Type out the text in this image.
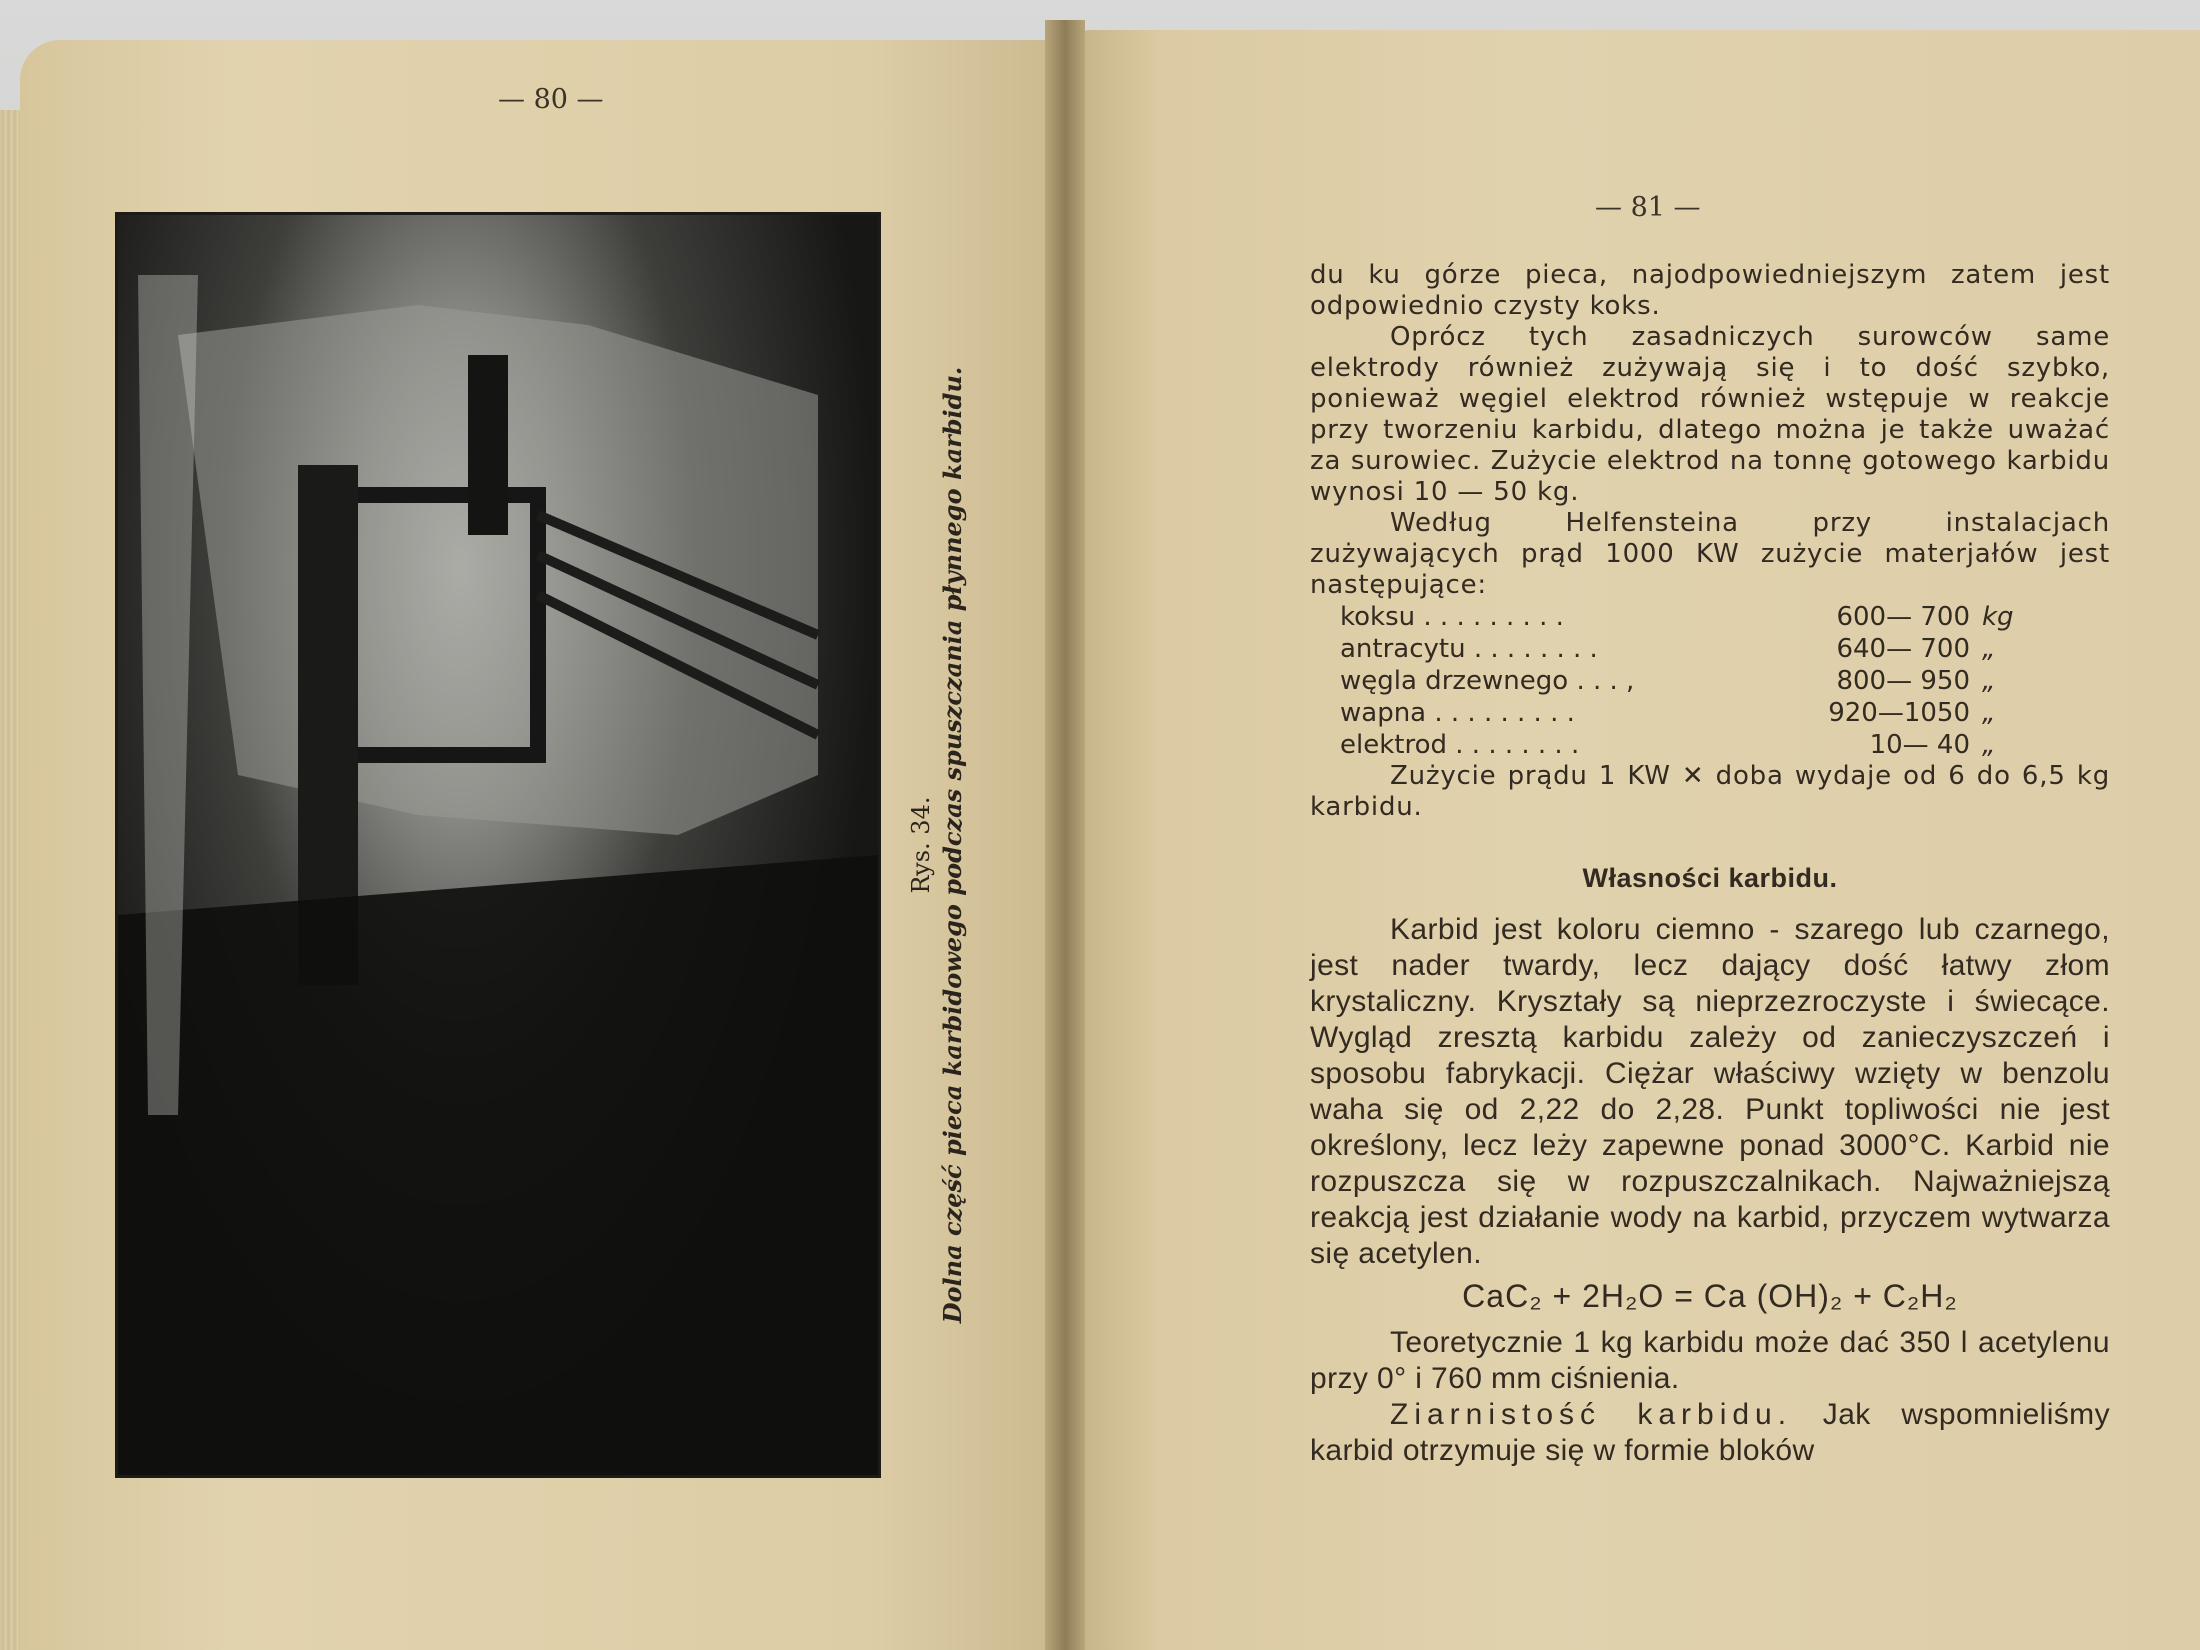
— 80 —
Rys. 34. Dolna część pieca karbidowego podczas spuszczania płynnego karbidu.
— 81 —

du ku górze pieca, najodpowiedniejszym zatem jest odpowiednio czysty koks.

Oprócz tych zasadniczych surowców same elektrody również zużywają się i to dość szybko, ponieważ węgiel elektrod również wstępuje w reakcje przy tworzeniu karbidu, dlatego można je także uważać za surowiec. Zużycie elektrod na tonnę gotowego karbidu wynosi 10 — 50 kg.

Według Helfensteina przy instalacjach zużywających prąd 1000 KW zużycie materjałów jest następujące:

koksu . . . . . . . . .	600— 700 kg
antracytu . . . . . . . .	640— 700 „
węgla drzewnego . . . ,	800— 950 „
wapna . . . . . . . . .	920—1050 „
elektrod . . . . . . . .	10— 40 „

Zużycie prądu 1 KW ✕ doba wydaje od 6 do 6,5 kg karbidu.

Własności karbidu.

Karbid jest koloru ciemno - szarego lub czarnego, jest nader twardy, lecz dający dość łatwy złom krystaliczny. Kryształy są nieprzezroczyste i świecące. Wygląd zresztą karbidu zależy od zanieczyszczeń i sposobu fabrykacji. Ciężar właściwy wzięty w benzolu waha się od 2,22 do 2,28. Punkt topliwości nie jest określony, lecz leży zapewne ponad 3000°C. Karbid nie rozpuszcza się w rozpuszczalnikach. Najważniejszą reakcją jest działanie wody na karbid, przyczem wytwarza się acetylen.

CaC₂ + 2H₂O = Ca (OH)₂ + C₂H₂

Teoretycznie 1 kg karbidu może dać 350 l acetylenu przy 0° i 760 mm ciśnienia.

Ziarnistość karbidu. Jak wspomnieliśmy karbid otrzymuje się w formie bloków
